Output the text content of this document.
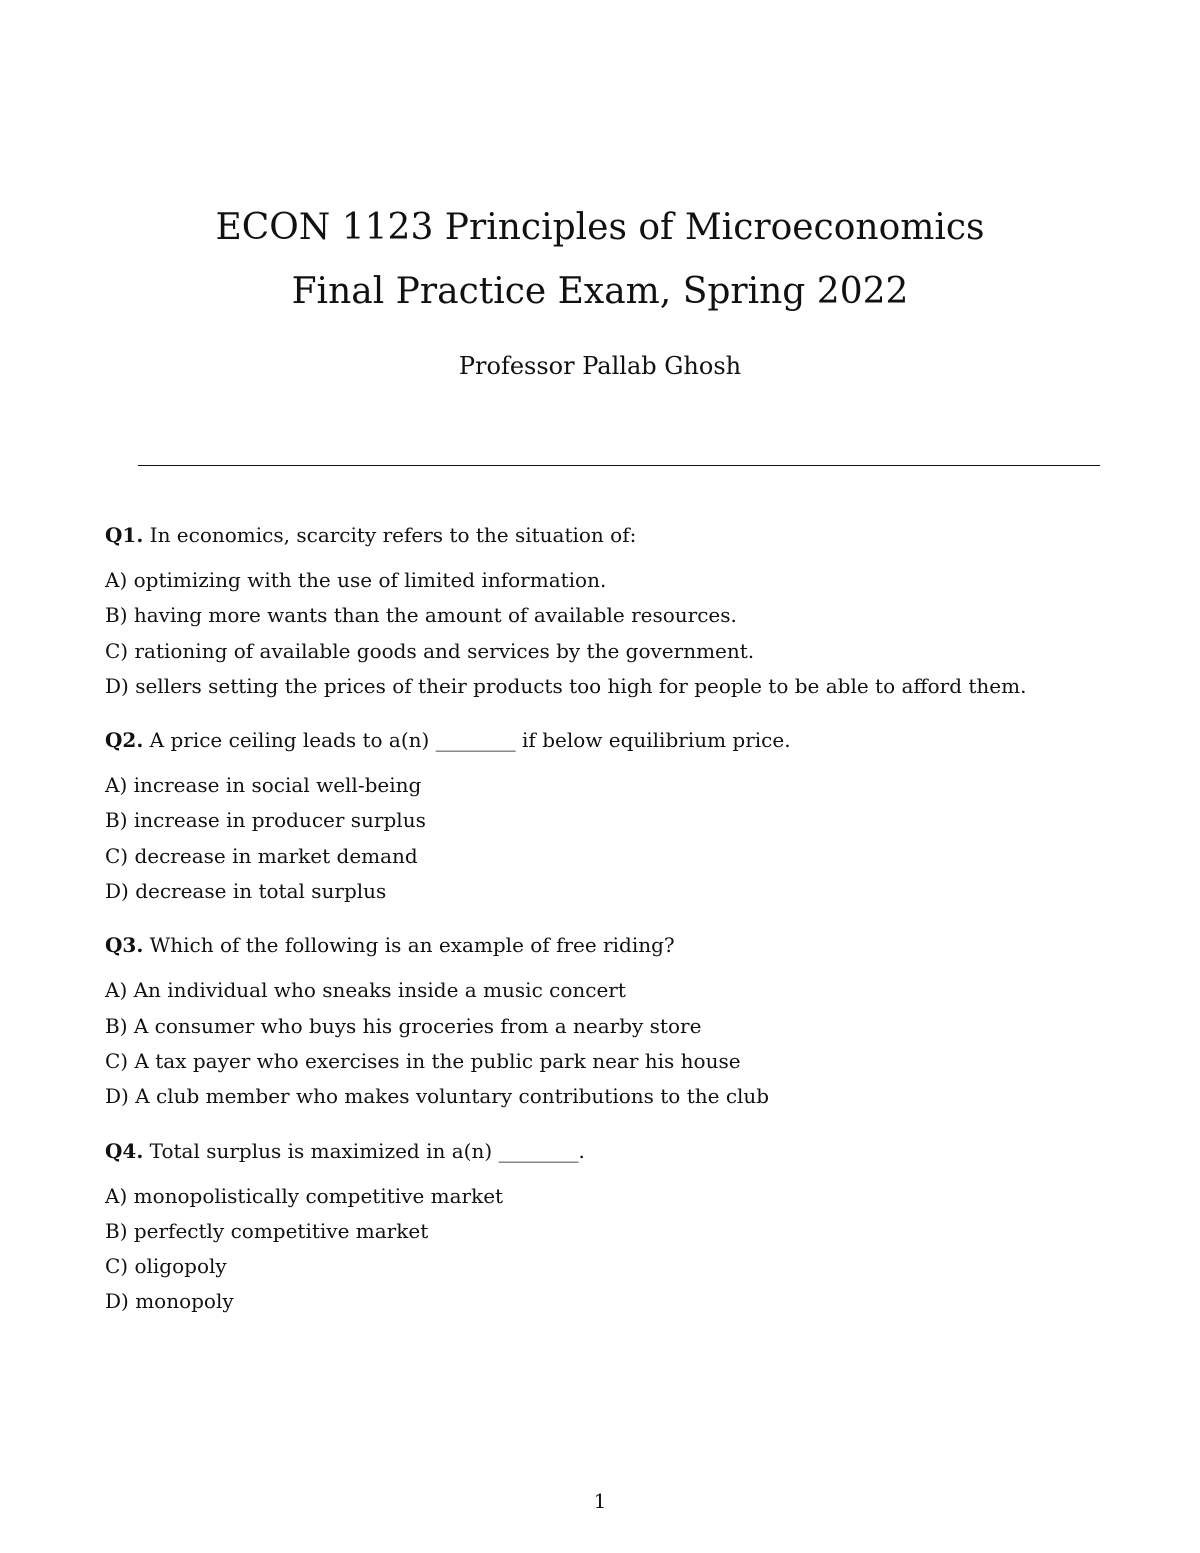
ECON 1123 Principles of Microeconomics
Final Practice Exam, Spring 2022
Professor Pallab Ghosh

Q1. In economics, scarcity refers to the situation of:

A) optimizing with the use of limited information.

B) having more wants than the amount of available resources.

C) rationing of available goods and services by the government.

D) sellers setting the prices of their products too high for people to be able to afford them.

Q2. A price ceiling leads to a(n) ________ if below equilibrium price.

A) increase in social well-being

B) increase in producer surplus

C) decrease in market demand

D) decrease in total surplus

Q3. Which of the following is an example of free riding?

A) An individual who sneaks inside a music concert

B) A consumer who buys his groceries from a nearby store

C) A tax payer who exercises in the public park near his house

D) A club member who makes voluntary contributions to the club

Q4. Total surplus is maximized in a(n) ________.

A) monopolistically competitive market

B) perfectly competitive market

C) oligopoly

D) monopoly

1
